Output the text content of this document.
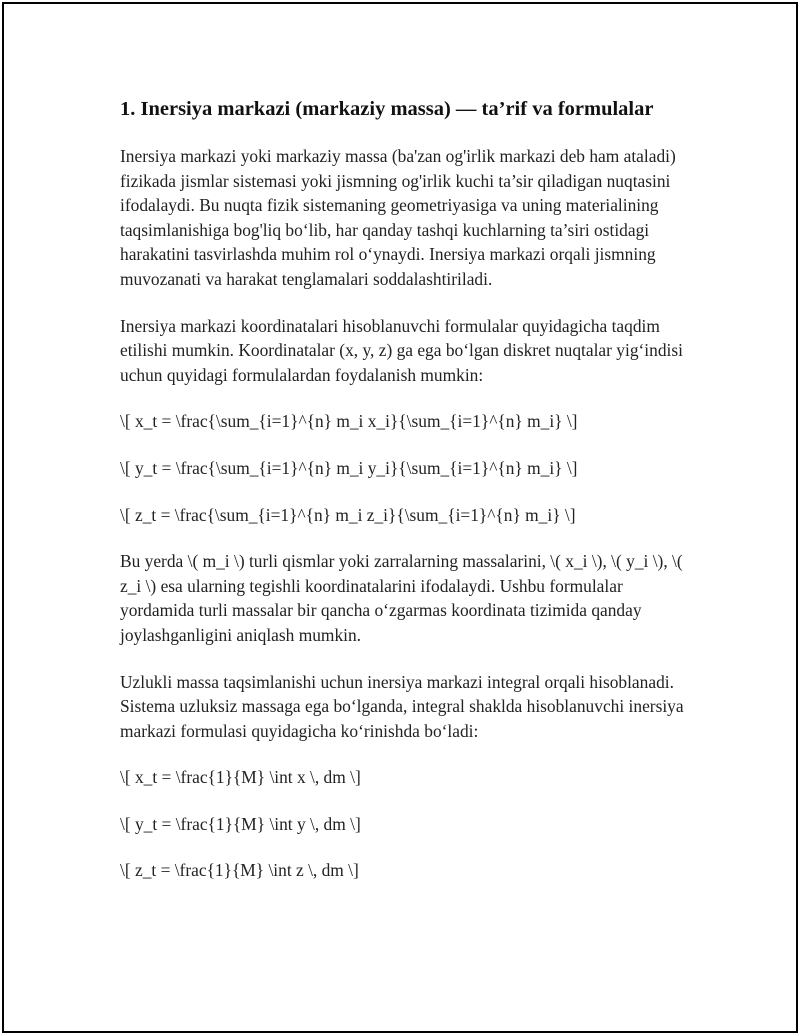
1. Inersiya markazi (markaziy massa) — ta’rif va formulalar

Inersiya markazi yoki markaziy massa (ba'zan og'irlik markazi deb ham ataladi) fizikada jismlar sistemasi yoki jismning og'irlik kuchi ta’sir qiladigan nuqtasini ifodalaydi. Bu nuqta fizik sistemaning geometriyasiga va uning materialining taqsimlanishiga bog'liq bo‘lib, har qanday tashqi kuchlarning ta’siri ostidagi harakatini tasvirlashda muhim rol o‘ynaydi. Inersiya markazi orqali jismning muvozanati va harakat tenglamalari soddalashtiriladi.

Inersiya markazi koordinatalari hisoblanuvchi formulalar quyidagicha taqdim etilishi mumkin. Koordinatalar (x, y, z) ga ega bo‘lgan diskret nuqtalar yig‘indisi uchun quyidagi formulalardan foydalanish mumkin:

\[ x_t = \frac{\sum_{i=1}^{n} m_i x_i}{\sum_{i=1}^{n} m_i} \]

\[ y_t = \frac{\sum_{i=1}^{n} m_i y_i}{\sum_{i=1}^{n} m_i} \]

\[ z_t = \frac{\sum_{i=1}^{n} m_i z_i}{\sum_{i=1}^{n} m_i} \]

Bu yerda \( m_i \) turli qismlar yoki zarralarning massalarini, \( x_i \), \( y_i \), \( z_i \) esa ularning tegishli koordinatalarini ifodalaydi. Ushbu formulalar yordamida turli massalar bir qancha o‘zgarmas koordinata tizimida qanday joylashganligini aniqlash mumkin.

Uzlukli massa taqsimlanishi uchun inersiya markazi integral orqali hisoblanadi. Sistema uzluksiz massaga ega bo‘lganda, integral shaklda hisoblanuvchi inersiya markazi formulasi quyidagicha ko‘rinishda bo‘ladi:

\[ x_t = \frac{1}{M} \int x \, dm \]

\[ y_t = \frac{1}{M} \int y \, dm \]

\[ z_t = \frac{1}{M} \int z \, dm \]
